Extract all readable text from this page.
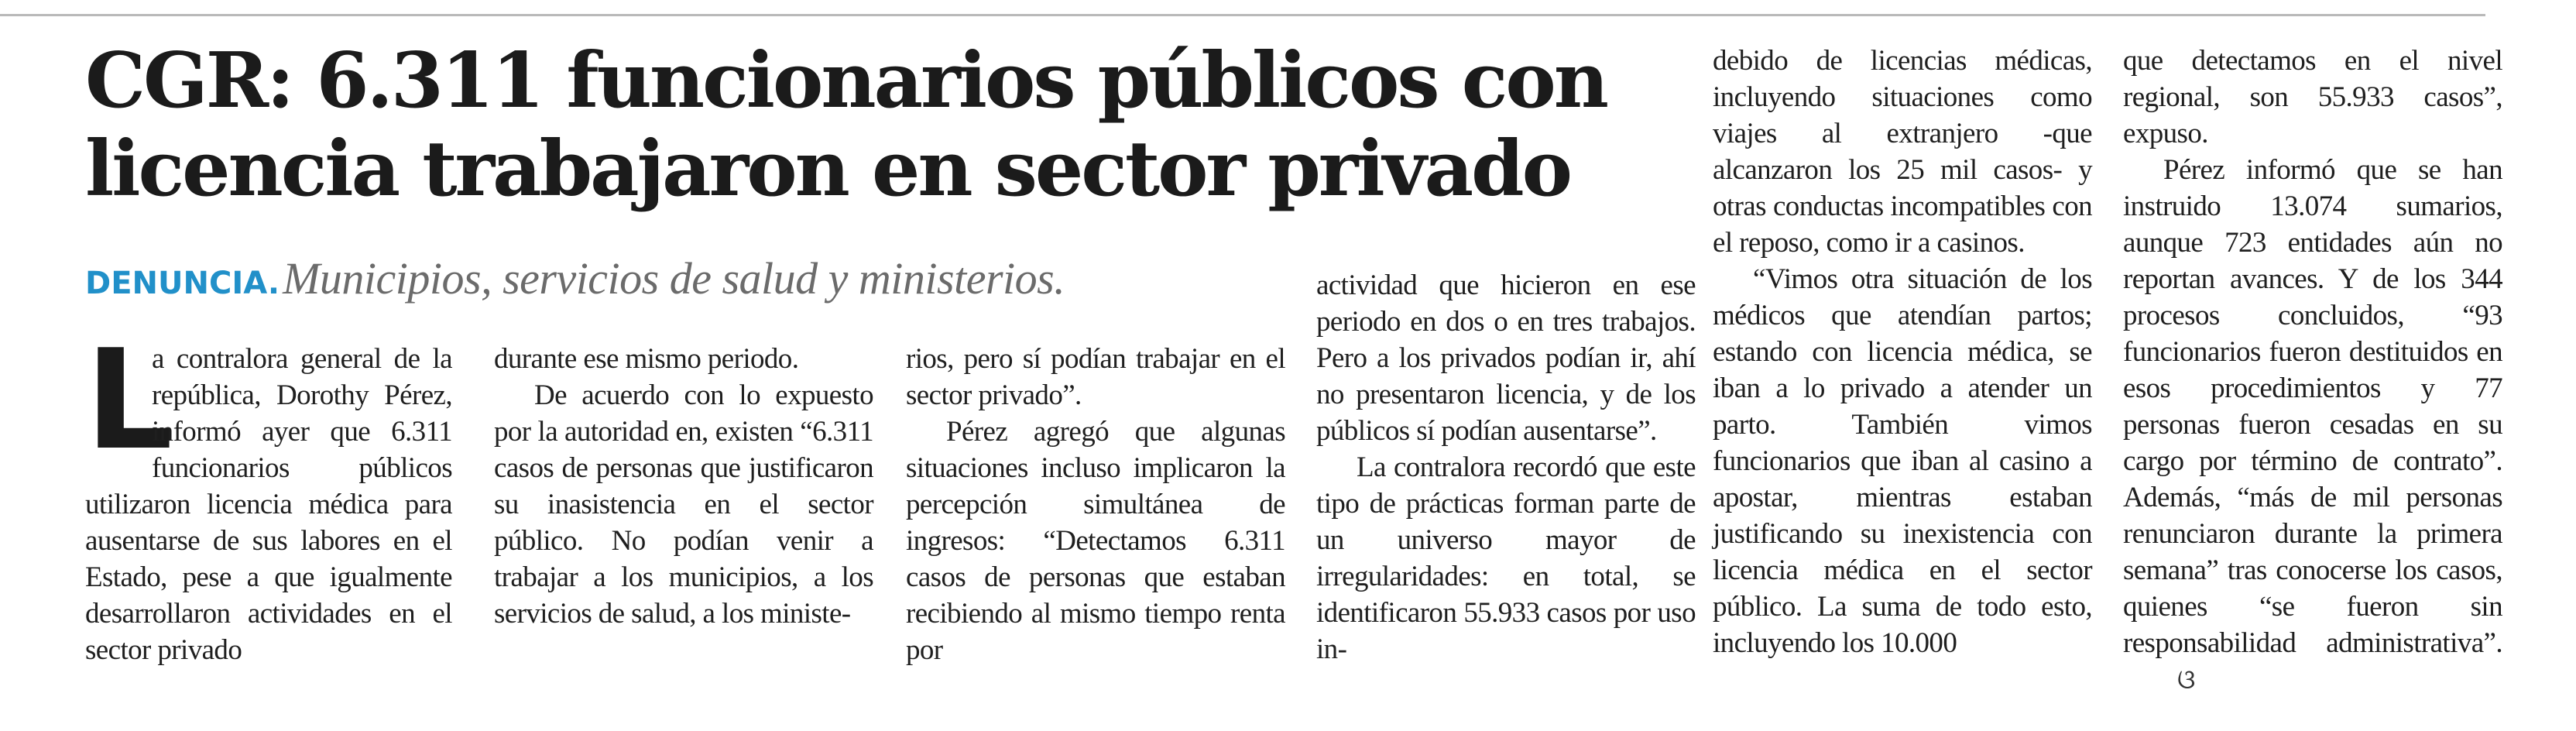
CGR: 6.311 funcionarios públicos con licencia trabajaron en sector privado
DENUNCIA. Municipios, servicios de salud y ministerios.
L

a contralora general de la república, Dorothy Pérez, informó ayer que 6.311 funcionarios públicos utilizaron licencia médica para ausentarse de sus labores en el Estado, pese a que igualmente desarrollaron actividades en el sector privado

durante ese mismo periodo.

De acuerdo con lo expuesto por la autoridad en, existen “6.311 casos de personas que justificaron su inasistencia en el sector público. No podían venir a trabajar a los municipios, a los servicios de salud, a los ministe-

rios, pero sí podían trabajar en el sector privado”.

Pérez agregó que algunas situaciones incluso implicaron la percepción simultánea de ingresos: “Detectamos 6.311 casos de personas que estaban recibiendo al mismo tiempo renta por

actividad que hicieron en ese periodo en dos o en tres trabajos. Pero a los privados podían ir, ahí no presentaron licencia, y de los públicos sí podían ausentarse”.

La contralora recordó que este tipo de prácticas forman parte de un universo mayor de irregularidades: en total, se identificaron 55.933 casos por uso in-

debido de licencias médicas, incluyendo situaciones como viajes al extranjero -que alcanzaron los 25 mil casos- y otras conductas incompatibles con el reposo, como ir a casinos.

“Vimos otra situación de los médicos que atendían partos; estando con licencia médica, se iban a lo privado a atender un parto. También vimos funcionarios que iban al casino a apostar, mientras estaban justificando su inexistencia con licencia médica en el sector público. La suma de todo esto, incluyendo los 10.000

que detectamos en el nivel regional, son 55.933 casos”, expuso.

Pérez informó que se han instruido 13.074 sumarios, aunque 723 entidades aún no reportan avances. Y de los 344 procesos concluidos, “93 funcionarios fueron destituidos en esos procedimientos y 77 personas fueron cesadas en su cargo por término de contrato”. Además, “más de mil personas renunciaron durante la primera semana” tras conocerse los casos, quienes “se fueron sin responsabilidad administrativa”.ଓ
